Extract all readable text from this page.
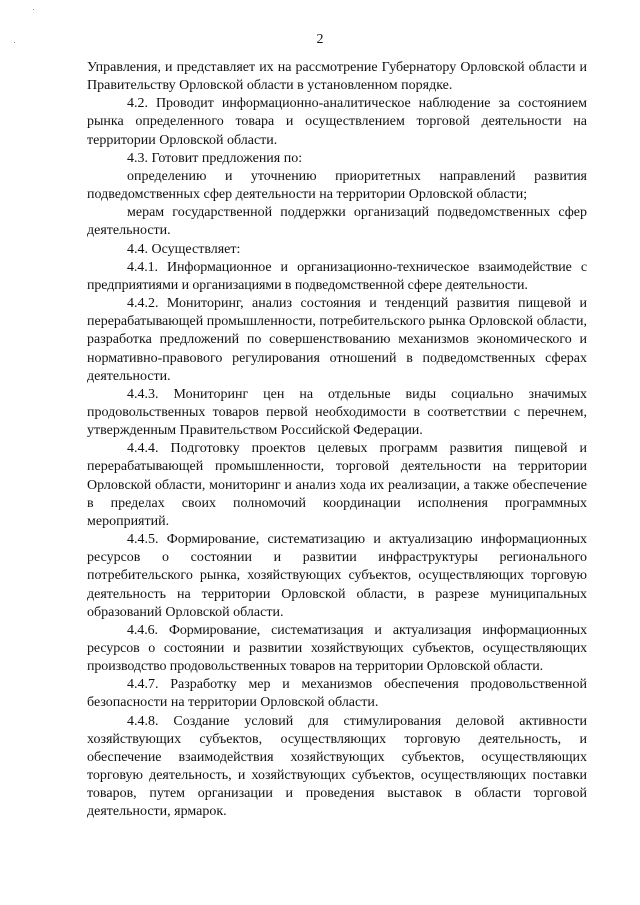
2

Управления, и представляет их на рассмотрение Губернатору Орловской области и Правительству Орловской области в установленном порядке.

4.2. Проводит информационно-аналитическое наблюдение за состоянием рынка определенного товара и осуществлением торговой деятельности на территории Орловской области.

4.3. Готовит предложения по:

определению и уточнению приоритетных направлений развития подведомственных сфер деятельности на территории Орловской области;

мерам государственной поддержки организаций подведомственных сфер деятельности.

4.4. Осуществляет:

4.4.1. Информационное и организационно-техническое взаимодействие с предприятиями и организациями в подведомственной сфере деятельности.

4.4.2. Мониторинг, анализ состояния и тенденций развития пищевой и перерабатывающей промышленности, потребительского рынка Орловской области, разработка предложений по совершенствованию механизмов экономического и нормативно-правового регулирования отношений в подведомственных сферах деятельности.

4.4.3. Мониторинг цен на отдельные виды социально значимых продовольственных товаров первой необходимости в соответствии с перечнем, утвержденным Правительством Российской Федерации.

4.4.4. Подготовку проектов целевых программ развития пищевой и перерабатывающей промышленности, торговой деятельности на территории Орловской области, мониторинг и анализ хода их реализации, а также обеспечение в пределах своих полномочий координации исполнения программных мероприятий.

4.4.5. Формирование, систематизацию и актуализацию информационных ресурсов о состоянии и развитии инфраструктуры регионального потребительского рынка, хозяйствующих субъектов, осуществляющих торговую деятельность на территории Орловской области, в разрезе муниципальных образований Орловской области.

4.4.6. Формирование, систематизация и актуализация информационных ресурсов о состоянии и развитии хозяйствующих субъектов, осуществляющих производство продовольственных товаров на территории Орловской области.

4.4.7. Разработку мер и механизмов обеспечения продовольственной безопасности на территории Орловской области.

4.4.8. Создание условий для стимулирования деловой активности хозяйствующих субъектов, осуществляющих торговую деятельность, и обеспечение взаимодействия хозяйствующих субъектов, осуществляющих торговую деятельность, и хозяйствующих субъектов, осуществляющих поставки товаров, путем организации и проведения выставок в области торговой деятельности, ярмарок.
